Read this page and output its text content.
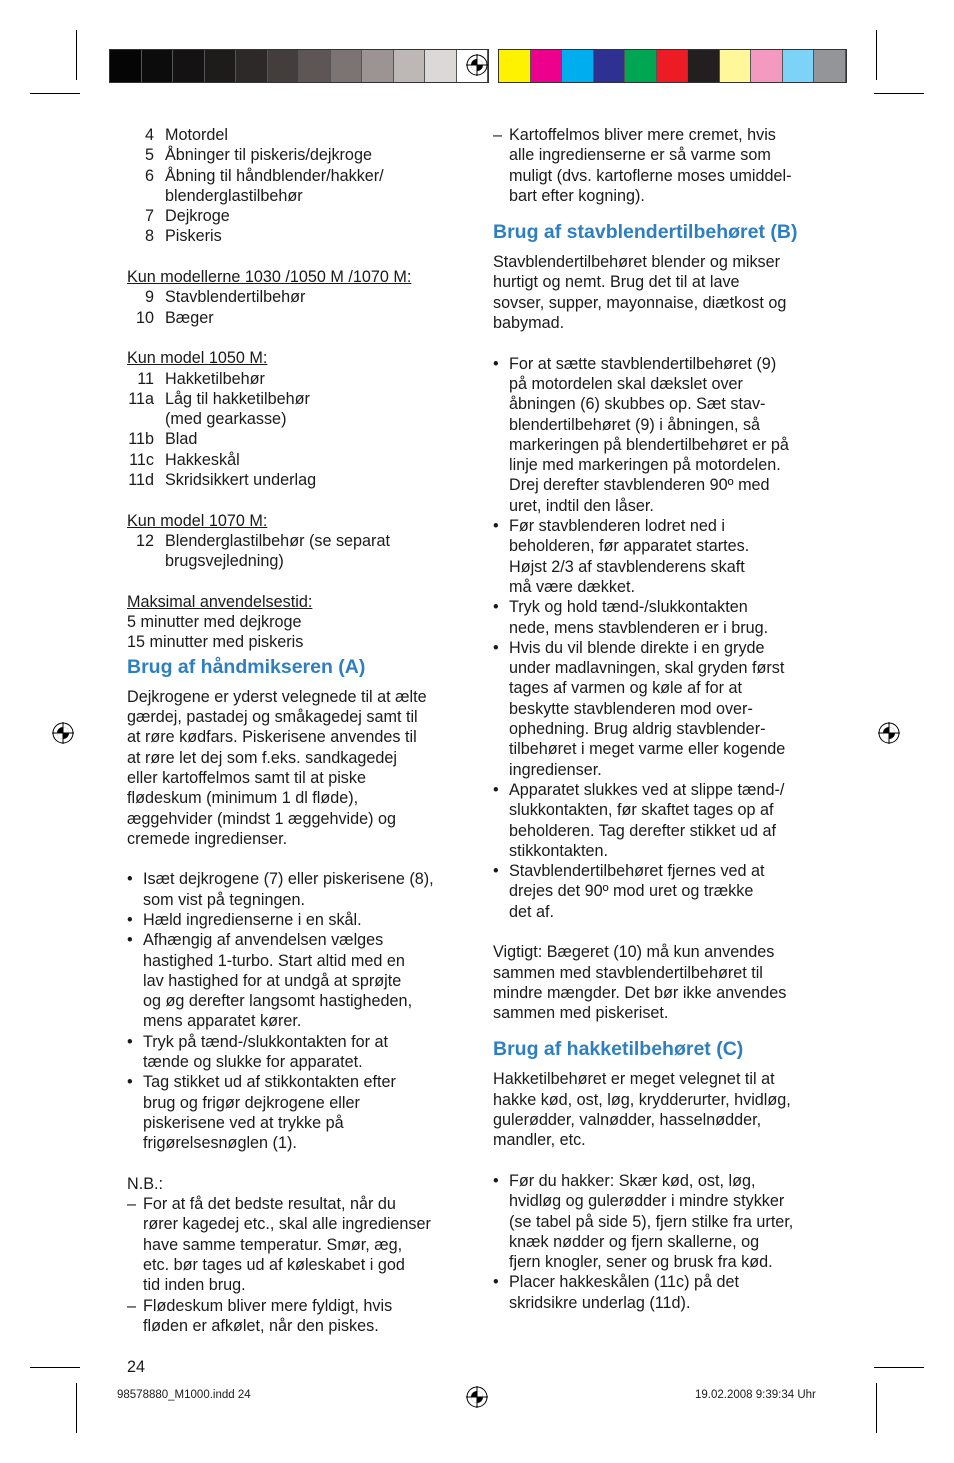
4 Motordel
5 Åbninger til piskeris/dejkroge
6 Åbning til håndblender/hakker/
blenderglastilbehør
7 Dejkroge
8 Piskeris
Kun modellerne 1030 /1050 M /1070 M:
9 Stavblendertilbehør
10 Bæger
Kun model 1050 M:
11 Hakketilbehør
11a Låg til hakketilbehør
(med gearkasse)
11b Blad
11c Hakkeskål
11d Skridsikkert underlag
Kun model 1070 M:
12 Blenderglastilbehør (se separat
brugsvejledning)
Maksimal anvendelsestid:
5 minutter med dejkroge
15 minutter med piskeris
Brug af håndmikseren (A)
Dejkrogene er yderst velegnede til at ælte
gærdej, pastadej og småkagedej samt til
at røre kødfars. Piskerisene anvendes til
at røre let dej som f.eks. sandkagedej
eller kartoffelmos samt til at piske
flødeskum (minimum 1 dl fløde),
æggehvider (mindst 1 æggehvide) og
cremede ingredienser.
• Isæt dejkrogene (7) eller piskerisene (8),
som vist på tegningen.
• Hæld ingredienserne i en skål.
• Afhængig af anvendelsen vælges
hastighed 1-turbo. Start altid med en
lav hastighed for at undgå at sprøjte
og øg derefter langsomt hastigheden,
mens apparatet kører.
• Tryk på tænd-/slukkontakten for at
tænde og slukke for apparatet.
• Tag stikket ud af stikkontakten efter
brug og frigør dejkrogene eller
piskerisene ved at trykke på
frigørelsesnøglen (1).
N.B.:
– For at få det bedste resultat, når du
rører kagedej etc., skal alle ingredienser
have samme temperatur. Smør, æg,
etc. bør tages ud af køleskabet i god
tid inden brug.
– Flødeskum bliver mere fyldigt, hvis
fløden er afkølet, når den piskes.
24
– Kartoffelmos bliver mere cremet, hvis
alle ingredienserne er så varme som
muligt (dvs. kartoflerne moses umiddel-
bart efter kogning).
Brug af stavblendertilbehøret (B)
Stavblendertilbehøret blender og mikser
hurtigt og nemt. Brug det til at lave
sovser, supper, mayonnaise, diætkost og
babymad.
• For at sætte stavblendertilbehøret (9)
på motordelen skal dækslet over
åbningen (6) skubbes op. Sæt stav-
blendertilbehøret (9) i åbningen, så
markeringen på blendertilbehøret er på
linje med markeringen på motordelen.
Drej derefter stavblenderen 90º med
uret, indtil den låser.
• Før stavblenderen lodret ned i
beholderen, før apparatet startes.
Højst 2/3 af stavblenderens skaft
må være dækket.
• Tryk og hold tænd-/slukkontakten
nede, mens stavblenderen er i brug.
• Hvis du vil blende direkte i en gryde
under madlavningen, skal gryden først
tages af varmen og køle af for at
beskytte stavblenderen mod over-
ophedning. Brug aldrig stavblender-
tilbehøret i meget varme eller kogende
ingredienser.
• Apparatet slukkes ved at slippe tænd-/
slukkontakten, før skaftet tages op af
beholderen. Tag derefter stikket ud af
stikkontakten.
• Stavblendertilbehøret fjernes ved at
drejes det 90º mod uret og trække
det af.
Vigtigt: Bægeret (10) må kun anvendes
sammen med stavblendertilbehøret til
mindre mængder. Det bør ikke anvendes
sammen med piskeriset.
Brug af hakketilbehøret (C)
Hakketilbehøret er meget velegnet til at
hakke kød, ost, løg, krydderurter, hvidløg,
gulerødder, valnødder, hasselnødder,
mandler, etc.
• Før du hakker: Skær kød, ost, løg,
hvidløg og gulerødder i mindre stykker
(se tabel på side 5), fjern stilke fra urter,
knæk nødder og fjern skallerne, og
fjern knogler, sener og brusk fra kød.
• Placer hakkeskålen (11c) på det
skridsikre underlag (11d).
98578880_M1000.indd 24	19.02.2008 9:39:34 Uhr
